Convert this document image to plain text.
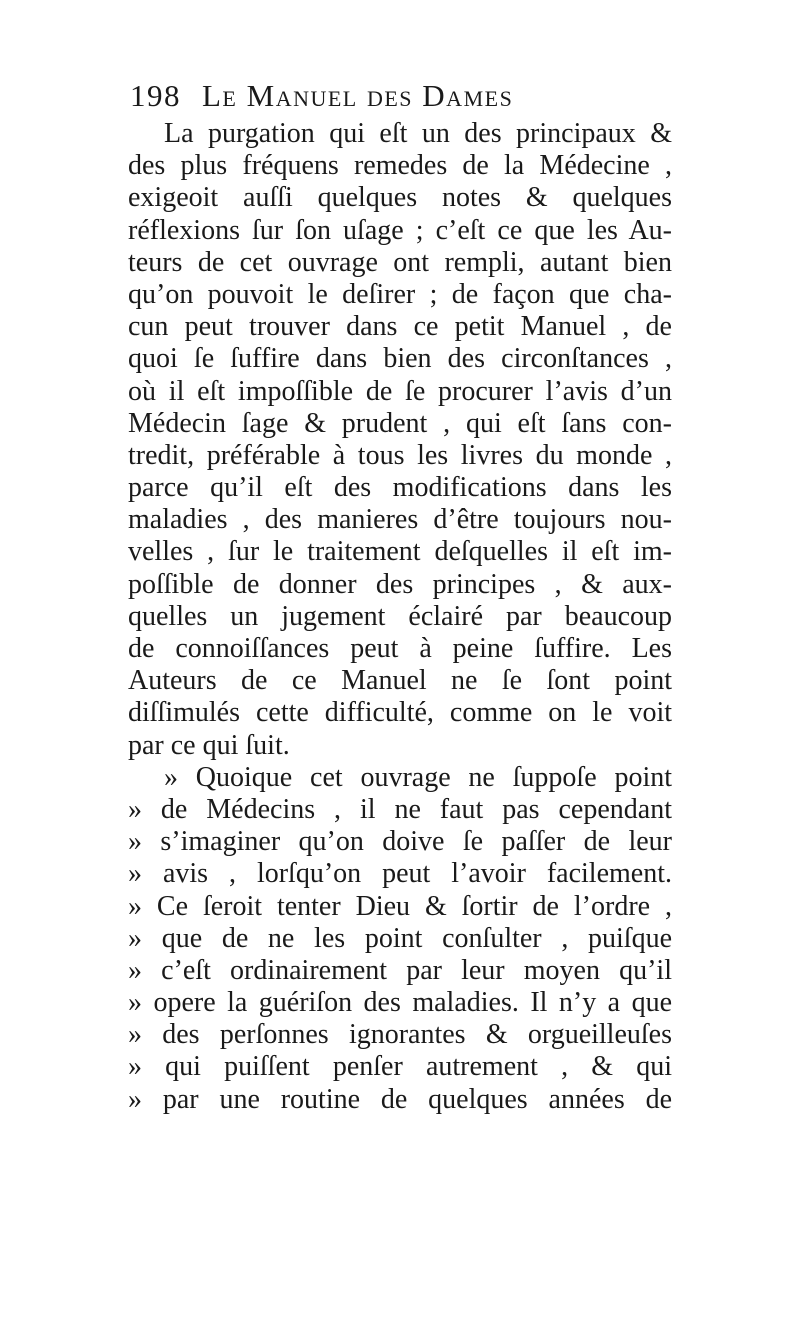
198 Le Manuel des Dames
La purgation qui eſt un des principaux &
des plus fréquens remedes de la Médecine ,
exigeoit auſſi quelques notes & quelques
réflexions ſur ſon uſage ; c’eſt ce que les Au-
teurs de cet ouvrage ont rempli, autant bien
qu’on pouvoit le deſirer ; de façon que cha-
cun peut trouver dans ce petit Manuel , de
quoi ſe ſuffire dans bien des circonſtances ,
où il eſt impoſſible de ſe procurer l’avis d’un
Médecin ſage & prudent , qui eſt ſans con-
tredit, préférable à tous les livres du monde ,
parce qu’il eſt des modifications dans les
maladies , des manieres d’être toujours nou-
velles , ſur le traitement deſquelles il eſt im-
poſſible de donner des principes , & aux-
quelles un jugement éclairé par beaucoup
de connoiſſances peut à peine ſuffire. Les
Auteurs de ce Manuel ne ſe ſont point
diſſimulés cette difficulté, comme on le voit
par ce qui ſuit.
» Quoique cet ouvrage ne ſuppoſe point
» de Médecins , il ne faut pas cependant
» s’imaginer qu’on doive ſe paſſer de leur
» avis , lorſqu’on peut l’avoir facilement.
» Ce ſeroit tenter Dieu & ſortir de l’ordre ,
» que de ne les point conſulter , puiſque
» c’eſt ordinairement par leur moyen qu’il
» opere la guériſon des maladies. Il n’y a que
» des perſonnes ignorantes & orgueilleuſes
» qui puiſſent penſer autrement , & qui
» par une routine de quelques années de
